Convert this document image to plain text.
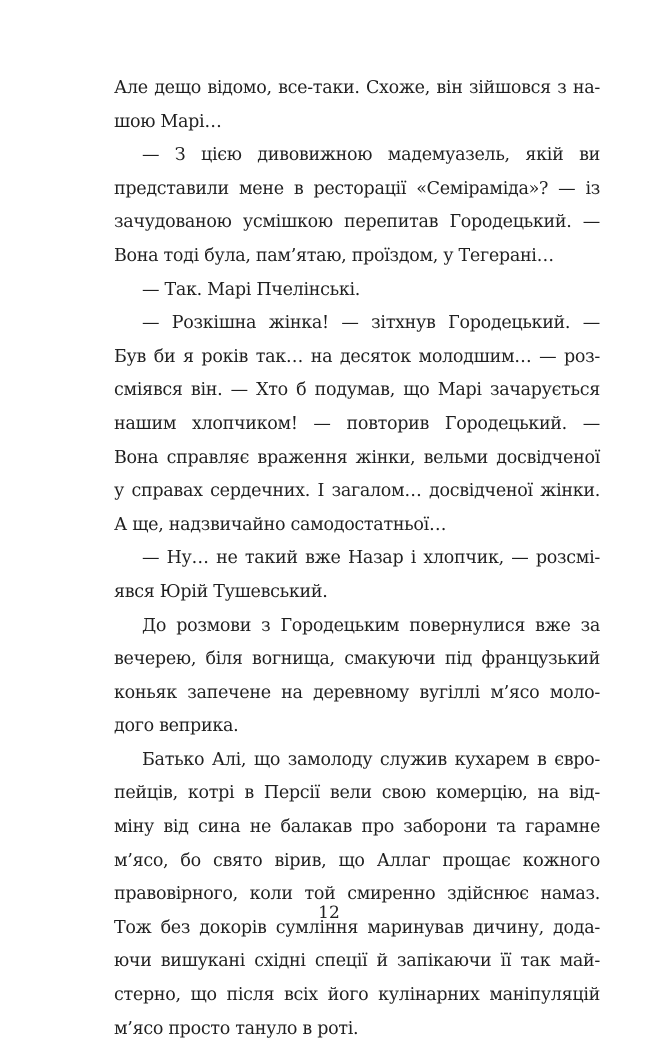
Але дещо відомо, все-таки. Схоже, він зійшовся з на-
шою Марі…
— З цією дивовижною мадемуазель, якій ви
представили мене в ресторації «Семіраміда»? — із
зачудованою усмішкою перепитав Городецький. —
Вона тоді була, пам’ятаю, проїздом, у Тегерані…
— Так. Марі Пчелінські.
— Розкішна жінка! — зітхнув Городецький. —
Був би я років так… на десяток молодшим… — роз-
сміявся він. — Хто б подумав, що Марі зачарується
нашим хлопчиком! — повторив Городецький. —
Вона справляє враження жінки, вельми досвідченої
у справах сердечних. І загалом… досвідченої жінки.
А ще, надзвичайно самодостатньої…
— Ну… не такий вже Назар і хлопчик, — розсмі-
явся Юрій Тушевський.
До розмови з Городецьким повернулися вже за
вечерею, біля вогнища, смакуючи під французький
коньяк запечене на деревному вугіллі м’ясо моло-
дого веприка.
Батько Алі, що замолоду служив кухарем в євро-
пейців, котрі в Персії вели свою комерцію, на від-
міну від сина не балакав про заборони та гарамне
м’ясо, бо свято вірив, що Аллаг прощає кожного
правовірного, коли той смиренно здійснює намаз.
Тож без докорів сумління маринував дичину, дода-
ючи вишукані східні спеції й запікаючи її так май-
стерно, що після всіх його кулінарних маніпуляцій
м’ясо просто тануло в роті.
12
